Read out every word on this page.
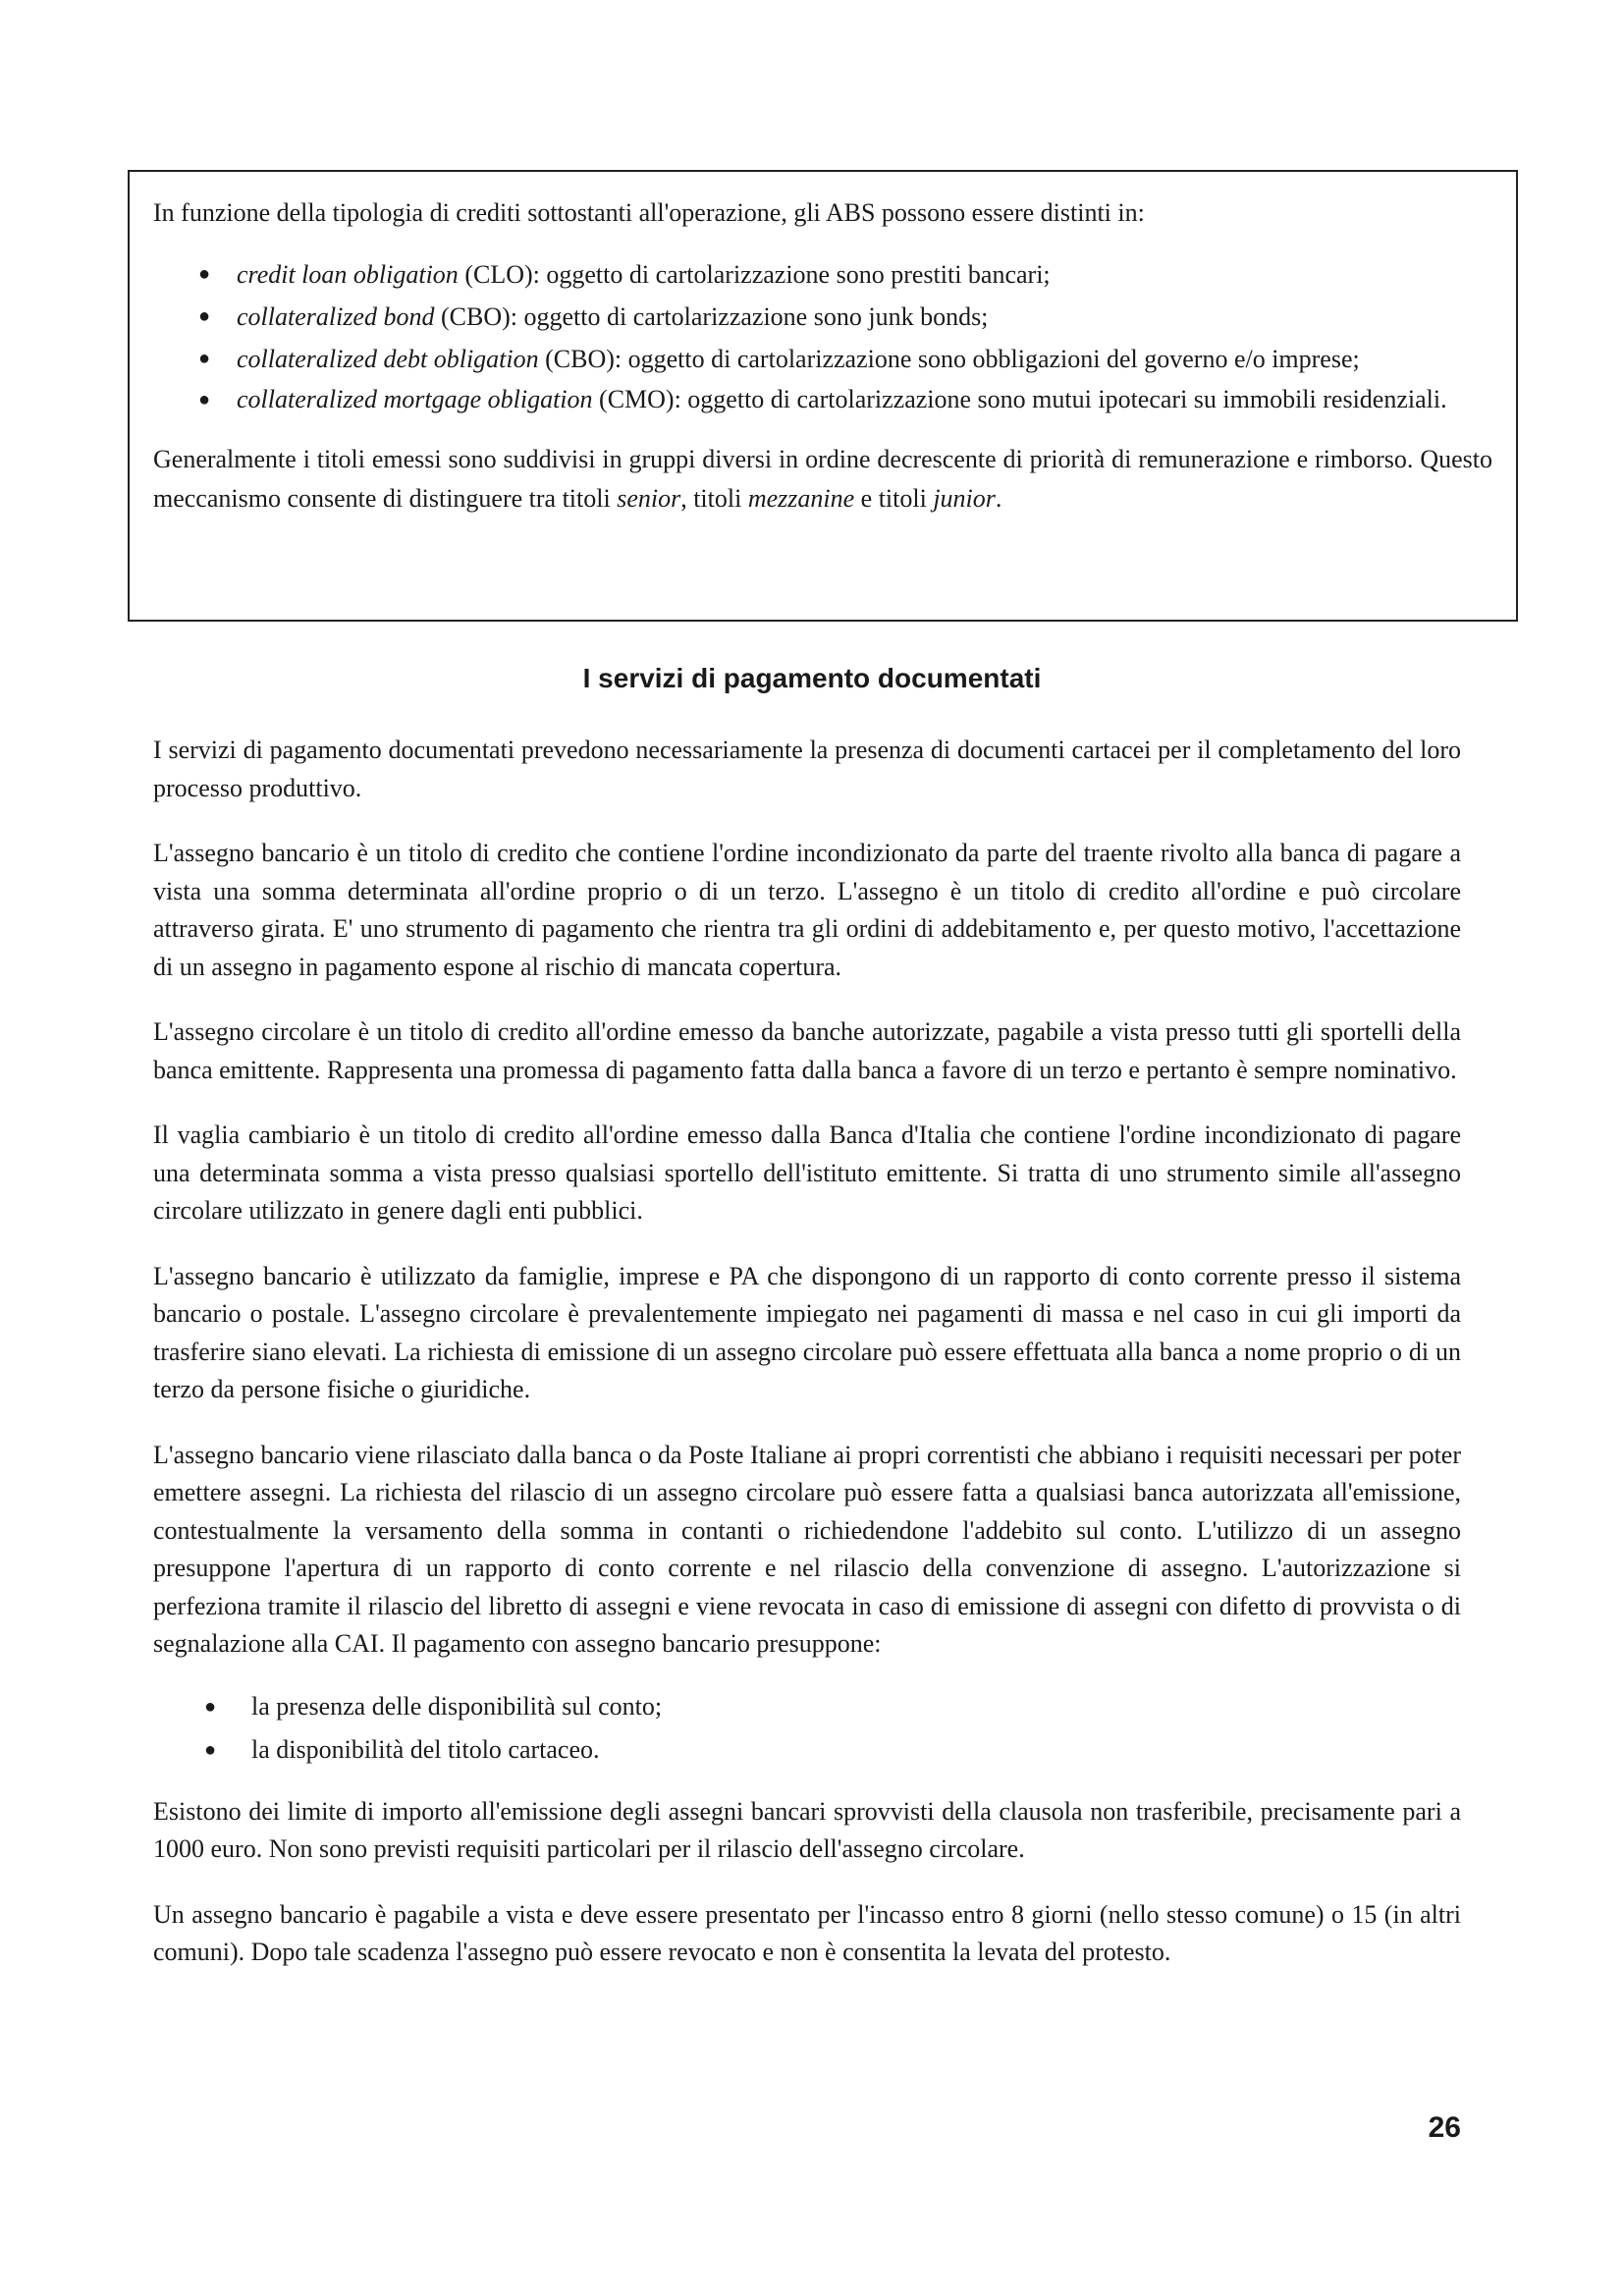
In funzione della tipologia di crediti sottostanti all'operazione, gli ABS possono essere distinti in:

● credit loan obligation (CLO): oggetto di cartolarizzazione sono prestiti bancari;
● collateralized bond (CBO): oggetto di cartolarizzazione sono junk bonds;
● collateralized debt obligation (CBO): oggetto di cartolarizzazione sono obbligazioni del governo e/o imprese;
● collateralized mortgage obligation (CMO): oggetto di cartolarizzazione sono mutui ipotecari su immobili residenziali.

Generalmente i titoli emessi sono suddivisi in gruppi diversi in ordine decrescente di priorità di remunerazione e rimborso. Questo meccanismo consente di distinguere tra titoli senior, titoli mezzanine e titoli junior.

I servizi di pagamento documentati

I servizi di pagamento documentati prevedono necessariamente la presenza di documenti cartacei per il completamento del loro processo produttivo.

L'assegno bancario è un titolo di credito che contiene l'ordine incondizionato da parte del traente rivolto alla banca di pagare a vista una somma determinata all'ordine proprio o di un terzo. L'assegno è un titolo di credito all'ordine e può circolare attraverso girata. E' uno strumento di pagamento che rientra tra gli ordini di addebitamento e, per questo motivo, l'accettazione di un assegno in pagamento espone al rischio di mancata copertura.

L'assegno circolare è un titolo di credito all'ordine emesso da banche autorizzate, pagabile a vista presso tutti gli sportelli della banca emittente. Rappresenta una promessa di pagamento fatta dalla banca a favore di un terzo e pertanto è sempre nominativo.

Il vaglia cambiario è un titolo di credito all'ordine emesso dalla Banca d'Italia che contiene l'ordine incondizionato di pagare una determinata somma a vista presso qualsiasi sportello dell'istituto emittente. Si tratta di uno strumento simile all'assegno circolare utilizzato in genere dagli enti pubblici.

L'assegno bancario è utilizzato da famiglie, imprese e PA che dispongono di un rapporto di conto corrente presso il sistema bancario o postale. L'assegno circolare è prevalentemente impiegato nei pagamenti di massa e nel caso in cui gli importi da trasferire siano elevati. La richiesta di emissione di un assegno circolare può essere effettuata alla banca a nome proprio o di un terzo da persone fisiche o giuridiche.

L'assegno bancario viene rilasciato dalla banca o da Poste Italiane ai propri correntisti che abbiano i requisiti necessari per poter emettere assegni. La richiesta del rilascio di un assegno circolare può essere fatta a qualsiasi banca autorizzata all'emissione, contestualmente la versamento della somma in contanti o richiedendone l'addebito sul conto. L'utilizzo di un assegno presuppone l'apertura di un rapporto di conto corrente e nel rilascio della convenzione di assegno. L'autorizzazione si perfeziona tramite il rilascio del libretto di assegni e viene revocata in caso di emissione di assegni con difetto di provvista o di segnalazione alla CAI. Il pagamento con assegno bancario presuppone:

● la presenza delle disponibilità sul conto;
● la disponibilità del titolo cartaceo.

Esistono dei limite di importo all'emissione degli assegni bancari sprovvisti della clausola non trasferibile, precisamente pari a 1000 euro. Non sono previsti requisiti particolari per il rilascio dell'assegno circolare.

Un assegno bancario è pagabile a vista e deve essere presentato per l'incasso entro 8 giorni (nello stesso comune) o 15 (in altri comuni). Dopo tale scadenza l'assegno può essere revocato e non è consentita la levata del protesto.

26
